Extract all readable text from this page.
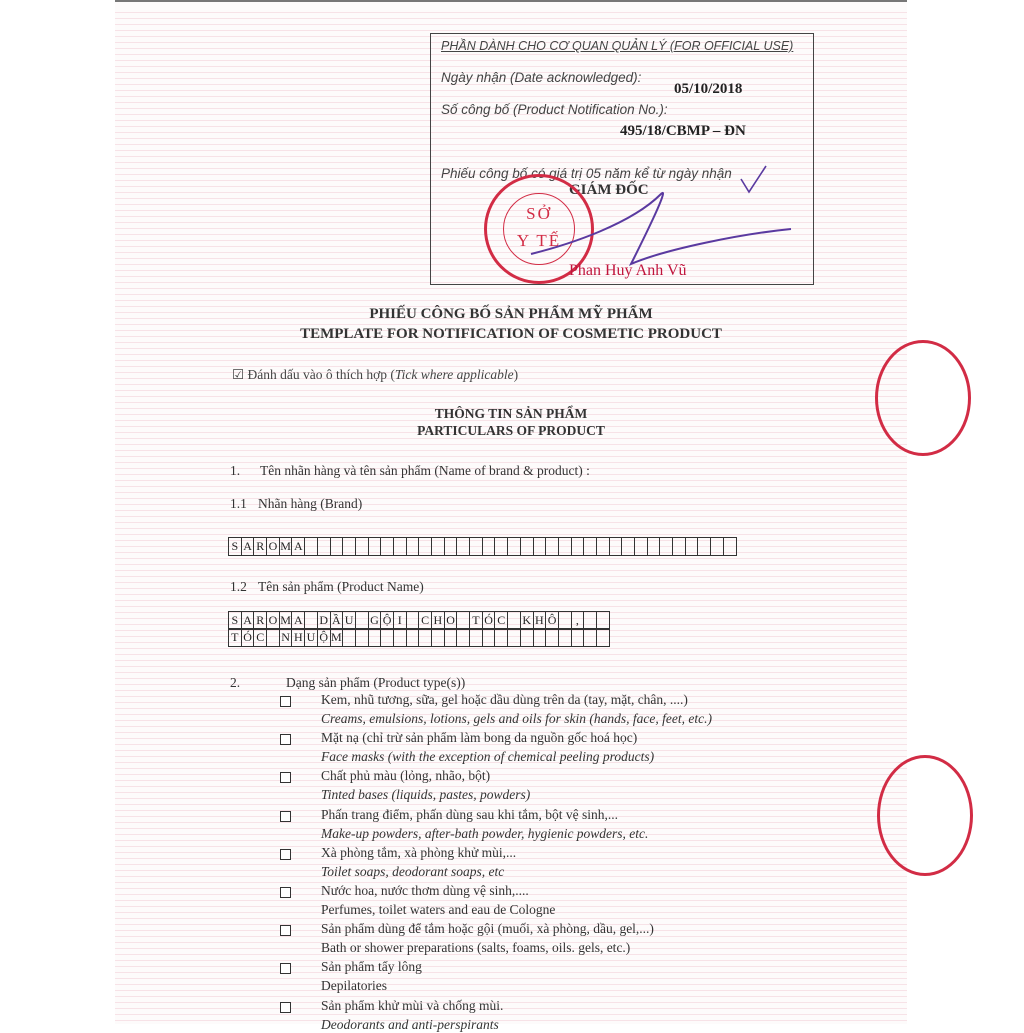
PHẦN DÀNH CHO CƠ QUAN QUẢN LÝ (FOR OFFICIAL USE)
Ngày nhận (Date acknowledged):
05/10/2018
Số công bố (Product Notification No.):
495/18/CBMP – ĐN
Phiếu công bố có giá trị 05 năm kể từ ngày nhận
GIÁM ĐỐC
SỞ
Y TẾ
Phan Huy Anh Vũ
PHIẾU CÔNG BỐ SẢN PHẨM MỸ PHẨM
TEMPLATE FOR NOTIFICATION OF COSMETIC PRODUCT
☑ Đánh dấu vào ô thích hợp (Tick where applicable)
THÔNG TIN SẢN PHẨM
PARTICULARS OF PRODUCT
1. Tên nhãn hàng và tên sản phẩm (Name of brand & product) :
1.1 Nhãn hàng (Brand)
S A R O M A
1.2 Tên sản phẩm (Product Name)
S A R O M A D Ầ U G Ộ I	C H O T Ó C K H Ô	,
T Ó C N H U Ộ M
2.	Dạng sản phẩm (Product type(s))
Kem, nhũ tương, sữa, gel hoặc dầu dùng trên da (tay, mặt, chân, ....)
Creams, emulsions, lotions, gels and oils for skin (hands, face, feet, etc.)
Mặt nạ (chỉ trừ sản phẩm làm bong da nguồn gốc hoá học)
Face masks (with the exception of chemical peeling products)
Chất phủ màu (lỏng, nhão, bột)
Tinted bases (liquids, pastes, powders)
Phấn trang điểm, phấn dùng sau khi tắm, bột vệ sinh,...
Make-up powders, after-bath powder, hygienic powders, etc.
Xà phòng tắm, xà phòng khử mùi,...
Toilet soaps, deodorant soaps, etc
Nước hoa, nước thơm dùng vệ sinh,....
Perfumes, toilet waters and eau de Cologne
Sản phẩm dùng để tắm hoặc gội (muối, xà phòng, dầu, gel,...)
Bath or shower preparations (salts, foams, oils. gels, etc.)
Sản phẩm tẩy lông
Depilatories
Sản phẩm khử mùi và chống mùi.
Deodorants and anti-perspirants
